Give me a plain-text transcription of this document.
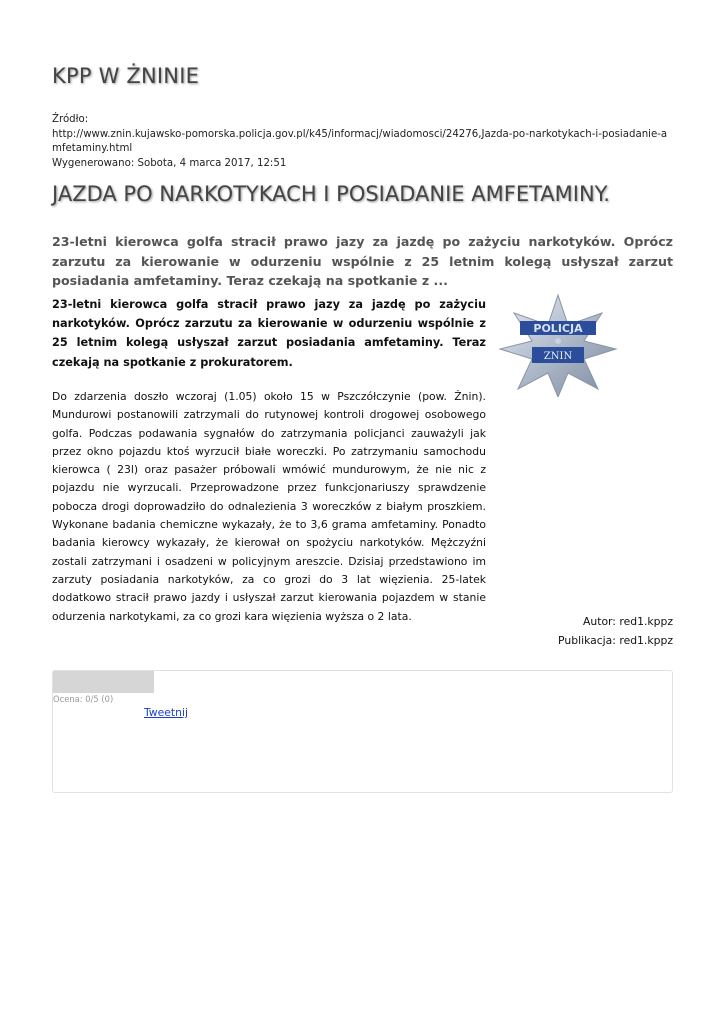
KPP W ŻNINIE
Źródło:
http://www.znin.kujawsko-pomorska.policja.gov.pl/k45/informacj/wiadomosci/24276,Jazda-po-narkotykach-i-posiadanie-amfetaminy.html
Wygenerowano: Sobota, 4 marca 2017, 12:51
JAZDA PO NARKOTYKACH I POSIADANIE AMFETAMINY.

23-letni kierowca golfa stracił prawo jazy za jazdę po zażyciu narkotyków. Oprócz zarzutu za kierowanie w odurzeniu wspólnie z 25 letnim kolegą usłyszał zarzut posiadania amfetaminy. Teraz czekają na spotkanie z ...

23-letni kierowca golfa stracił prawo jazy za jazdę po zażyciu narkotyków. Oprócz zarzutu za kierowanie w odurzeniu wspólnie z 25 letnim kolegą usłyszał zarzut posiadania amfetaminy. Teraz czekają na spotkanie z prokuratorem.

POLICJA
ZNIN

Do zdarzenia doszło wczoraj (1.05) około 15 w Pszczółczynie (pow. Żnin). Mundurowi postanowili zatrzymali do rutynowej kontroli drogowej osobowego golfa. Podczas podawania sygnałów do zatrzymania policjanci zauważyli jak przez okno pojazdu ktoś wyrzucił białe woreczki. Po zatrzymaniu samochodu kierowca ( 23l) oraz pasażer próbowali wmówić mundurowym, że nie nic z pojazdu nie wyrzucali. Przeprowadzone przez funkcjonariuszy sprawdzenie pobocza drogi doprowadziło do odnalezienia 3 woreczków z białym proszkiem. Wykonane badania chemiczne wykazały, że to 3,6 grama amfetaminy. Ponadto badania kierowcy wykazały, że kierował on spożyciu narkotyków. Mężczyźni zostali zatrzymani i osadzeni w policyjnym areszcie. Dzisiaj przedstawiono im zarzuty posiadania narkotyków, za co grozi do 3 lat więzienia. 25-latek dodatkowo stracił prawo jazdy i usłyszał zarzut kierowania pojazdem w stanie odurzenia narkotykami, za co grozi kara więzienia wyższa o 2 lata.	Autor: red1.kppz
Publikacja: red1.kppz
Ocena: 0/5 (0)
Tweetnij
